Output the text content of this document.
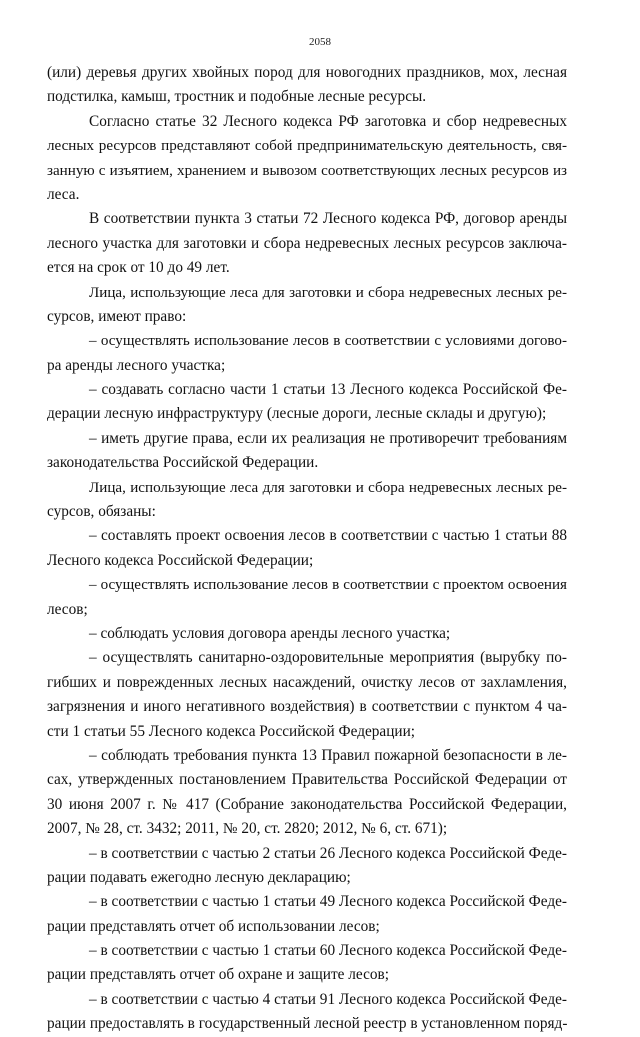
2058
(или) деревья других хвойных пород для новогодних праздников, мох, лесная
подстилка, камыш, тростник и подобные лесные ресурсы.
Согласно статье 32 Лесного кодекса РФ заготовка и сбор недревесных
лесных ресурсов представляют собой предпринимательскую деятельность, свя-
занную с изъятием, хранением и вывозом соответствующих лесных ресурсов из
леса.
В соответствии пункта 3 статьи 72 Лесного кодекса РФ, договор аренды
лесного участка для заготовки и сбора недревесных лесных ресурсов заключа-
ется на срок от 10 до 49 лет.
Лица, использующие леса для заготовки и сбора недревесных лесных ре-
сурсов, имеют право:
– осуществлять использование лесов в соответствии с условиями догово-
ра аренды лесного участка;
– создавать согласно части 1 статьи 13 Лесного кодекса Российской Фе-
дерации лесную инфраструктуру (лесные дороги, лесные склады и другую);
– иметь другие права, если их реализация не противоречит требованиям
законодательства Российской Федерации.
Лица, использующие леса для заготовки и сбора недревесных лесных ре-
сурсов, обязаны:
– составлять проект освоения лесов в соответствии с частью 1 статьи 88
Лесного кодекса Российской Федерации;
– осуществлять использование лесов в соответствии с проектом освоения
лесов;
– соблюдать условия договора аренды лесного участка;
– осуществлять санитарно-оздоровительные мероприятия (вырубку по-
гибших и поврежденных лесных насаждений, очистку лесов от захламления,
загрязнения и иного негативного воздействия) в соответствии с пунктом 4 ча-
сти 1 статьи 55 Лесного кодекса Российской Федерации;
– соблюдать требования пункта 13 Правил пожарной безопасности в ле-
сах, утвержденных постановлением Правительства Российской Федерации от
30 июня 2007 г. № 417 (Собрание законодательства Российской Федерации,
2007, № 28, ст. 3432; 2011, № 20, ст. 2820; 2012, № 6, ст. 671);
– в соответствии с частью 2 статьи 26 Лесного кодекса Российской Феде-
рации подавать ежегодно лесную декларацию;
– в соответствии с частью 1 статьи 49 Лесного кодекса Российской Феде-
рации представлять отчет об использовании лесов;
– в соответствии с частью 1 статьи 60 Лесного кодекса Российской Феде-
рации представлять отчет об охране и защите лесов;
– в соответствии с частью 4 статьи 91 Лесного кодекса Российской Феде-
рации предоставлять в государственный лесной реестр в установленном поряд-
